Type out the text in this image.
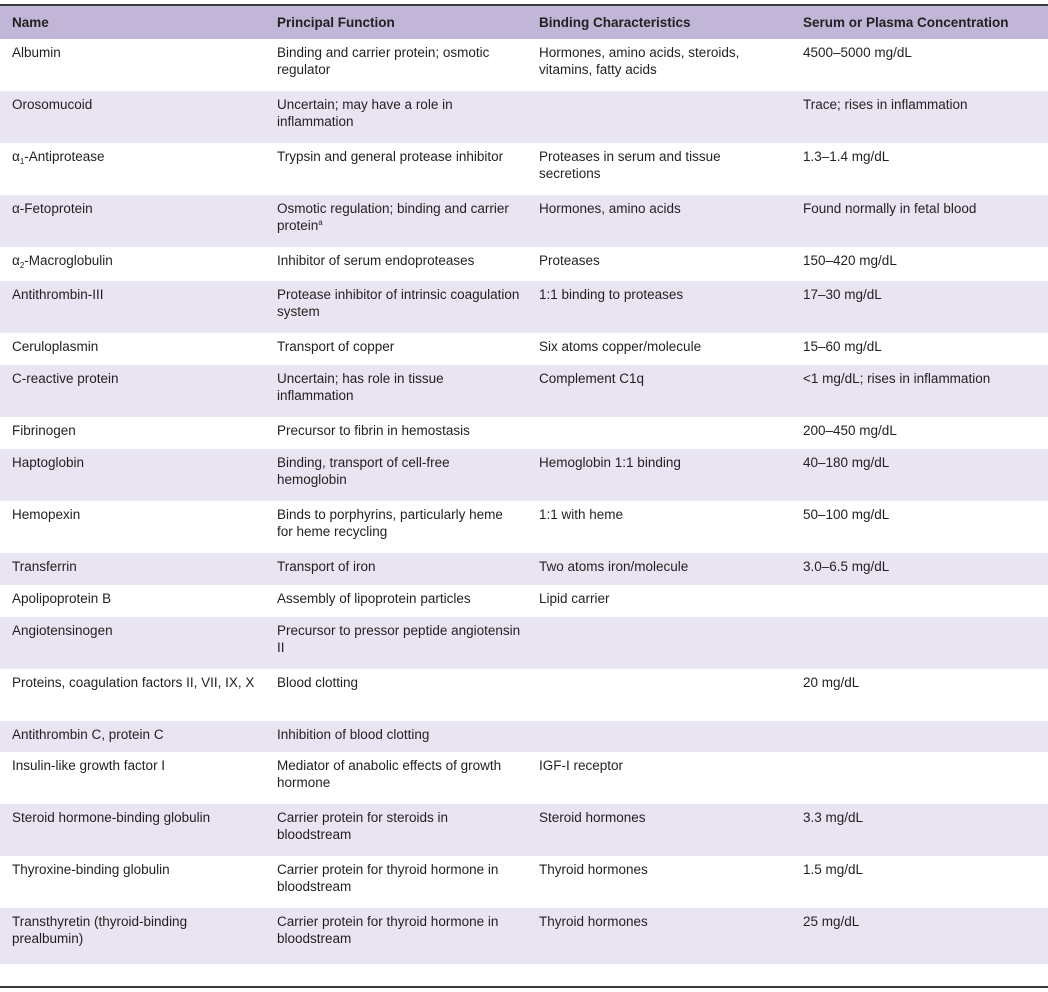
Name	Principal Function	Binding Characteristics	Serum or Plasma Concentration
Albumin	Binding and carrier protein; osmotic regulator	Hormones, amino acids, steroids, vitamins, fatty acids	4500–5000 mg/dL
Orosomucoid	Uncertain; may have a role in inflammation		Trace; rises in inflammation
$\alpha_1$-Antiprotease	Trypsin and general protease inhibitor	Proteases in serum and tissue secretions	1.3–1.4 mg/dL
α-Fetoprotein	Osmotic regulation; binding and carrier protein$^a$	Hormones, amino acids	Found normally in fetal blood
$\alpha_2$-Macroglobulin	Inhibitor of serum endoproteases	Proteases	150–420 mg/dL
Antithrombin-III	Protease inhibitor of intrinsic coagulation system	1:1 binding to proteases	17–30 mg/dL
Ceruloplasmin	Transport of copper	Six atoms copper/molecule	15–60 mg/dL
C-reactive protein	Uncertain; has role in tissue inflammation	Complement C1q	<1 mg/dL; rises in inflammation
Fibrinogen	Precursor to fibrin in hemostasis		200–450 mg/dL
Haptoglobin	Binding, transport of cell-free hemoglobin	Hemoglobin 1:1 binding	40–180 mg/dL
Hemopexin	Binds to porphyrins, particularly heme for heme recycling	1:1 with heme	50–100 mg/dL
Transferrin	Transport of iron	Two atoms iron/molecule	3.0–6.5 mg/dL
Apolipoprotein B	Assembly of lipoprotein particles	Lipid carrier	
Angiotensinogen	Precursor to pressor peptide angiotensin II		
Proteins, coagulation factors II, VII, IX, X	Blood clotting		20 mg/dL
Antithrombin C, protein C	Inhibition of blood clotting		
Insulin-like growth factor I	Mediator of anabolic effects of growth hormone	IGF-I receptor	
Steroid hormone-binding globulin	Carrier protein for steroids in bloodstream	Steroid hormones	3.3 mg/dL
Thyroxine-binding globulin	Carrier protein for thyroid hormone in bloodstream	Thyroid hormones	1.5 mg/dL
Transthyretin (thyroid-binding prealbumin)	Carrier protein for thyroid hormone in bloodstream	Thyroid hormones	25 mg/dL
